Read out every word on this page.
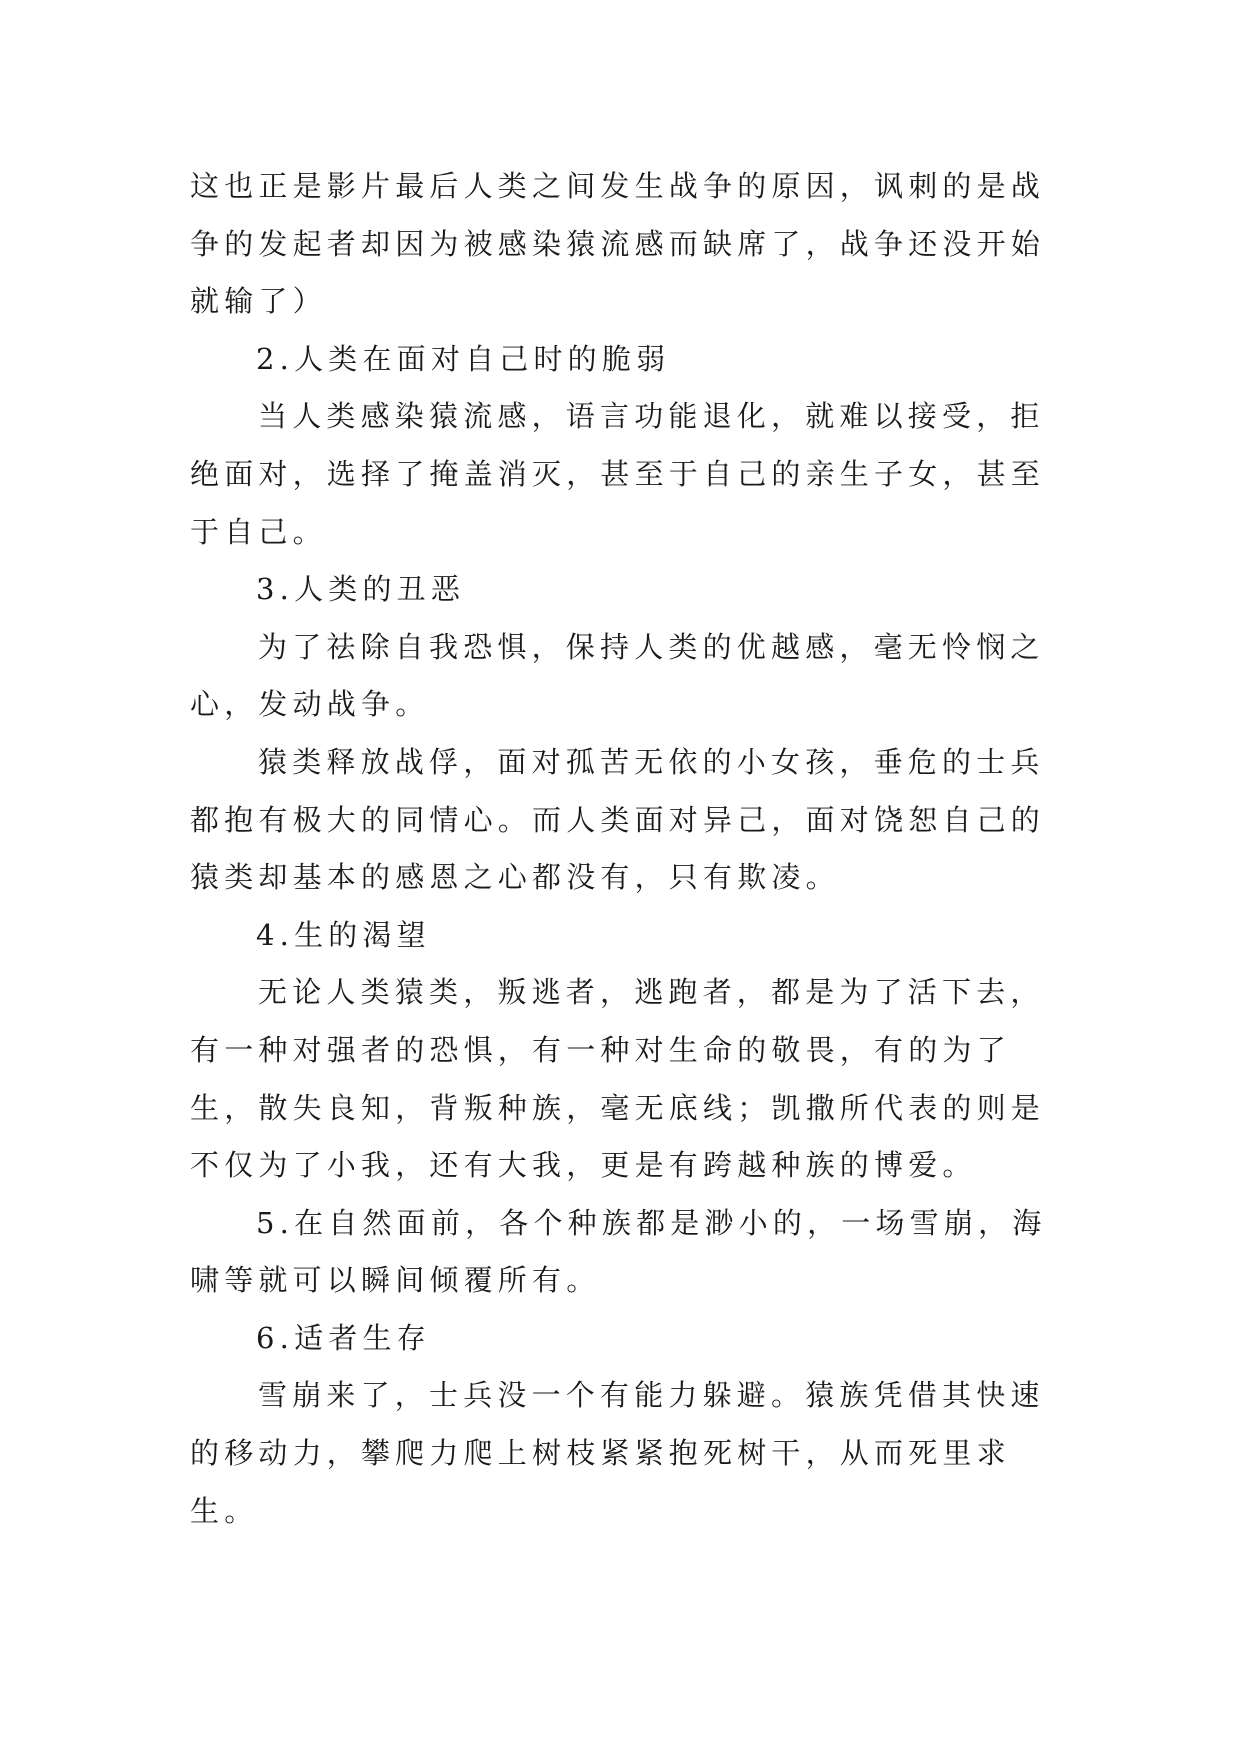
这也正是影片最后人类之间发生战争的原因，讽刺的是战争的发起者却因为被感染猿流感而缺席了，战争还没开始就输了）

2.人类在面对自己时的脆弱

当人类感染猿流感，语言功能退化，就难以接受，拒绝面对，选择了掩盖消灭，甚至于自己的亲生子女，甚至于自己。

3.人类的丑恶

为了祛除自我恐惧，保持人类的优越感，毫无怜悯之心，发动战争。

猿类释放战俘，面对孤苦无依的小女孩，垂危的士兵都抱有极大的同情心。而人类面对异己，面对饶恕自己的猿类却基本的感恩之心都没有，只有欺凌。

4.生的渴望

无论人类猿类，叛逃者，逃跑者，都是为了活下去，有一种对强者的恐惧，有一种对生命的敬畏，有的为了生，散失良知，背叛种族，毫无底线；凯撒所代表的则是不仅为了小我，还有大我，更是有跨越种族的博爱。

5.在自然面前，各个种族都是渺小的，一场雪崩，海啸等就可以瞬间倾覆所有。

6.适者生存

雪崩来了，士兵没一个有能力躲避。猿族凭借其快速的移动力，攀爬力爬上树枝紧紧抱死树干，从而死里求生。
